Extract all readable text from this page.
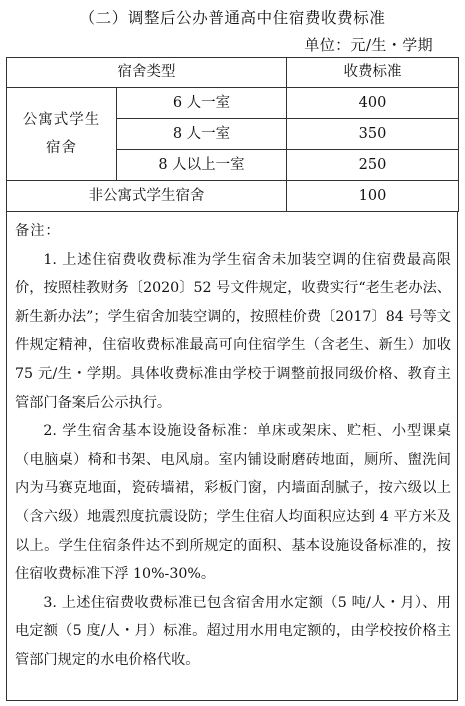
（二）调整后公办普通高中住宿费收费标准
单位：元/生・学期
宿舍类型		收费标准
公寓式学生宿舍	6 人一室	400
	8 人一室	350
	8 人以上一室	250
非公寓式学生宿舍		100

备注：

1. 上述住宿费收费标准为学生宿舍未加装空调的住宿费最高限价，按照桂教财务〔2020〕52 号文件规定，收费实行“老生老办法、新生新办法”；学生宿舍加装空调的，按照桂价费〔2017〕84 号等文件规定精神，住宿收费标准最高可向住宿学生（含老生、新生）加收 75 元/生・学期。具体收费标准由学校于调整前报同级价格、教育主管部门备案后公示执行。

2. 学生宿舍基本设施设备标准：单床或架床、贮柜、小型课桌（电脑桌）椅和书架、电风扇。室内铺设耐磨砖地面，厕所、盥洗间内为马赛克地面，瓷砖墙裙，彩板门窗，内墙面刮腻子，按六级以上（含六级）地震烈度抗震设防；学生住宿人均面积应达到 4 平方米及以上。学生住宿条件达不到所规定的面积、基本设施设备标准的，按住宿收费标准下浮 10%-30%。

3. 上述住宿费收费标准已包含宿舍用水定额（5 吨/人・月）、用电定额（5 度/人・月）标准。超过用水用电定额的，由学校按价格主管部门规定的水电价格代收。
